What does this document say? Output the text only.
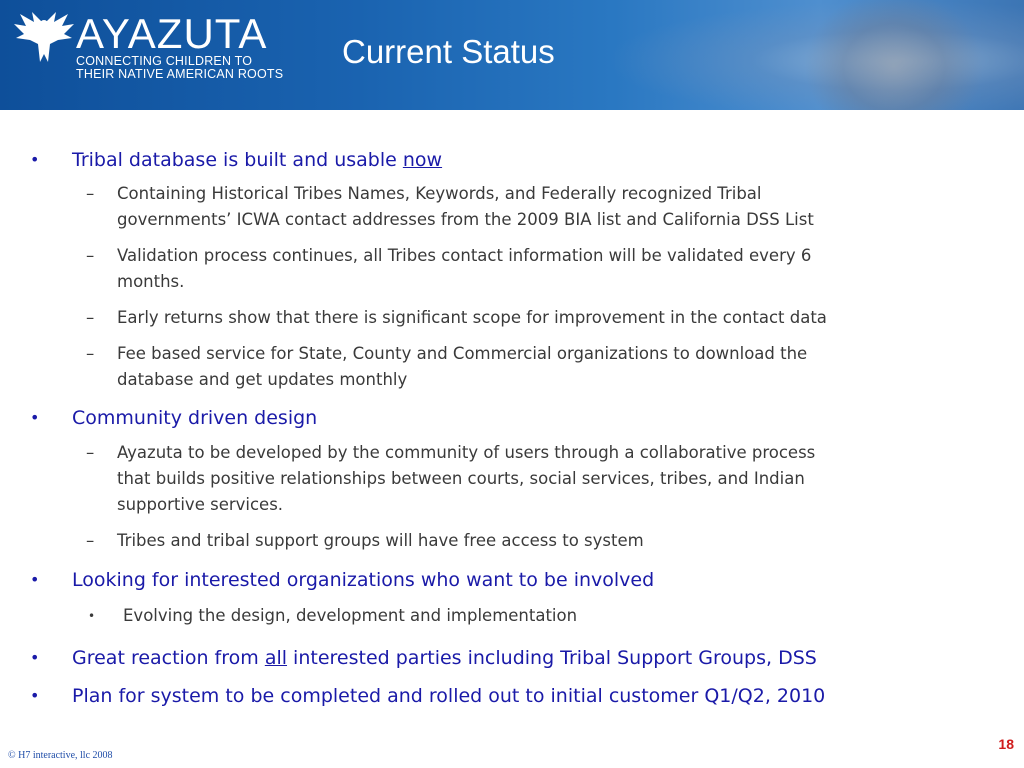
AYAZUTA
CONNECTING CHILDREN TO
THEIR NATIVE AMERICAN ROOTS
Current Status
• Tribal database is built and usable now
– Containing Historical Tribes Names, Keywords, and Federally recognized Tribal
governments’ ICWA contact addresses from the 2009 BIA list and California DSS List
– Validation process continues, all Tribes contact information will be validated every 6
months.
– Early returns show that there is significant scope for improvement in the contact data
– Fee based service for State, County and Commercial organizations to download the
database and get updates monthly
• Community driven design
– Ayazuta to be developed by the community of users through a collaborative process
that builds positive relationships between courts, social services, tribes, and Indian
supportive services.
– Tribes and tribal support groups will have free access to system
• Looking for interested organizations who want to be involved
• Evolving the design, development and implementation
• Great reaction from all interested parties including Tribal Support Groups, DSS
• Plan for system to be completed and rolled out to initial customer Q1/Q2, 2010
© H7 interactive, llc 2008
18
